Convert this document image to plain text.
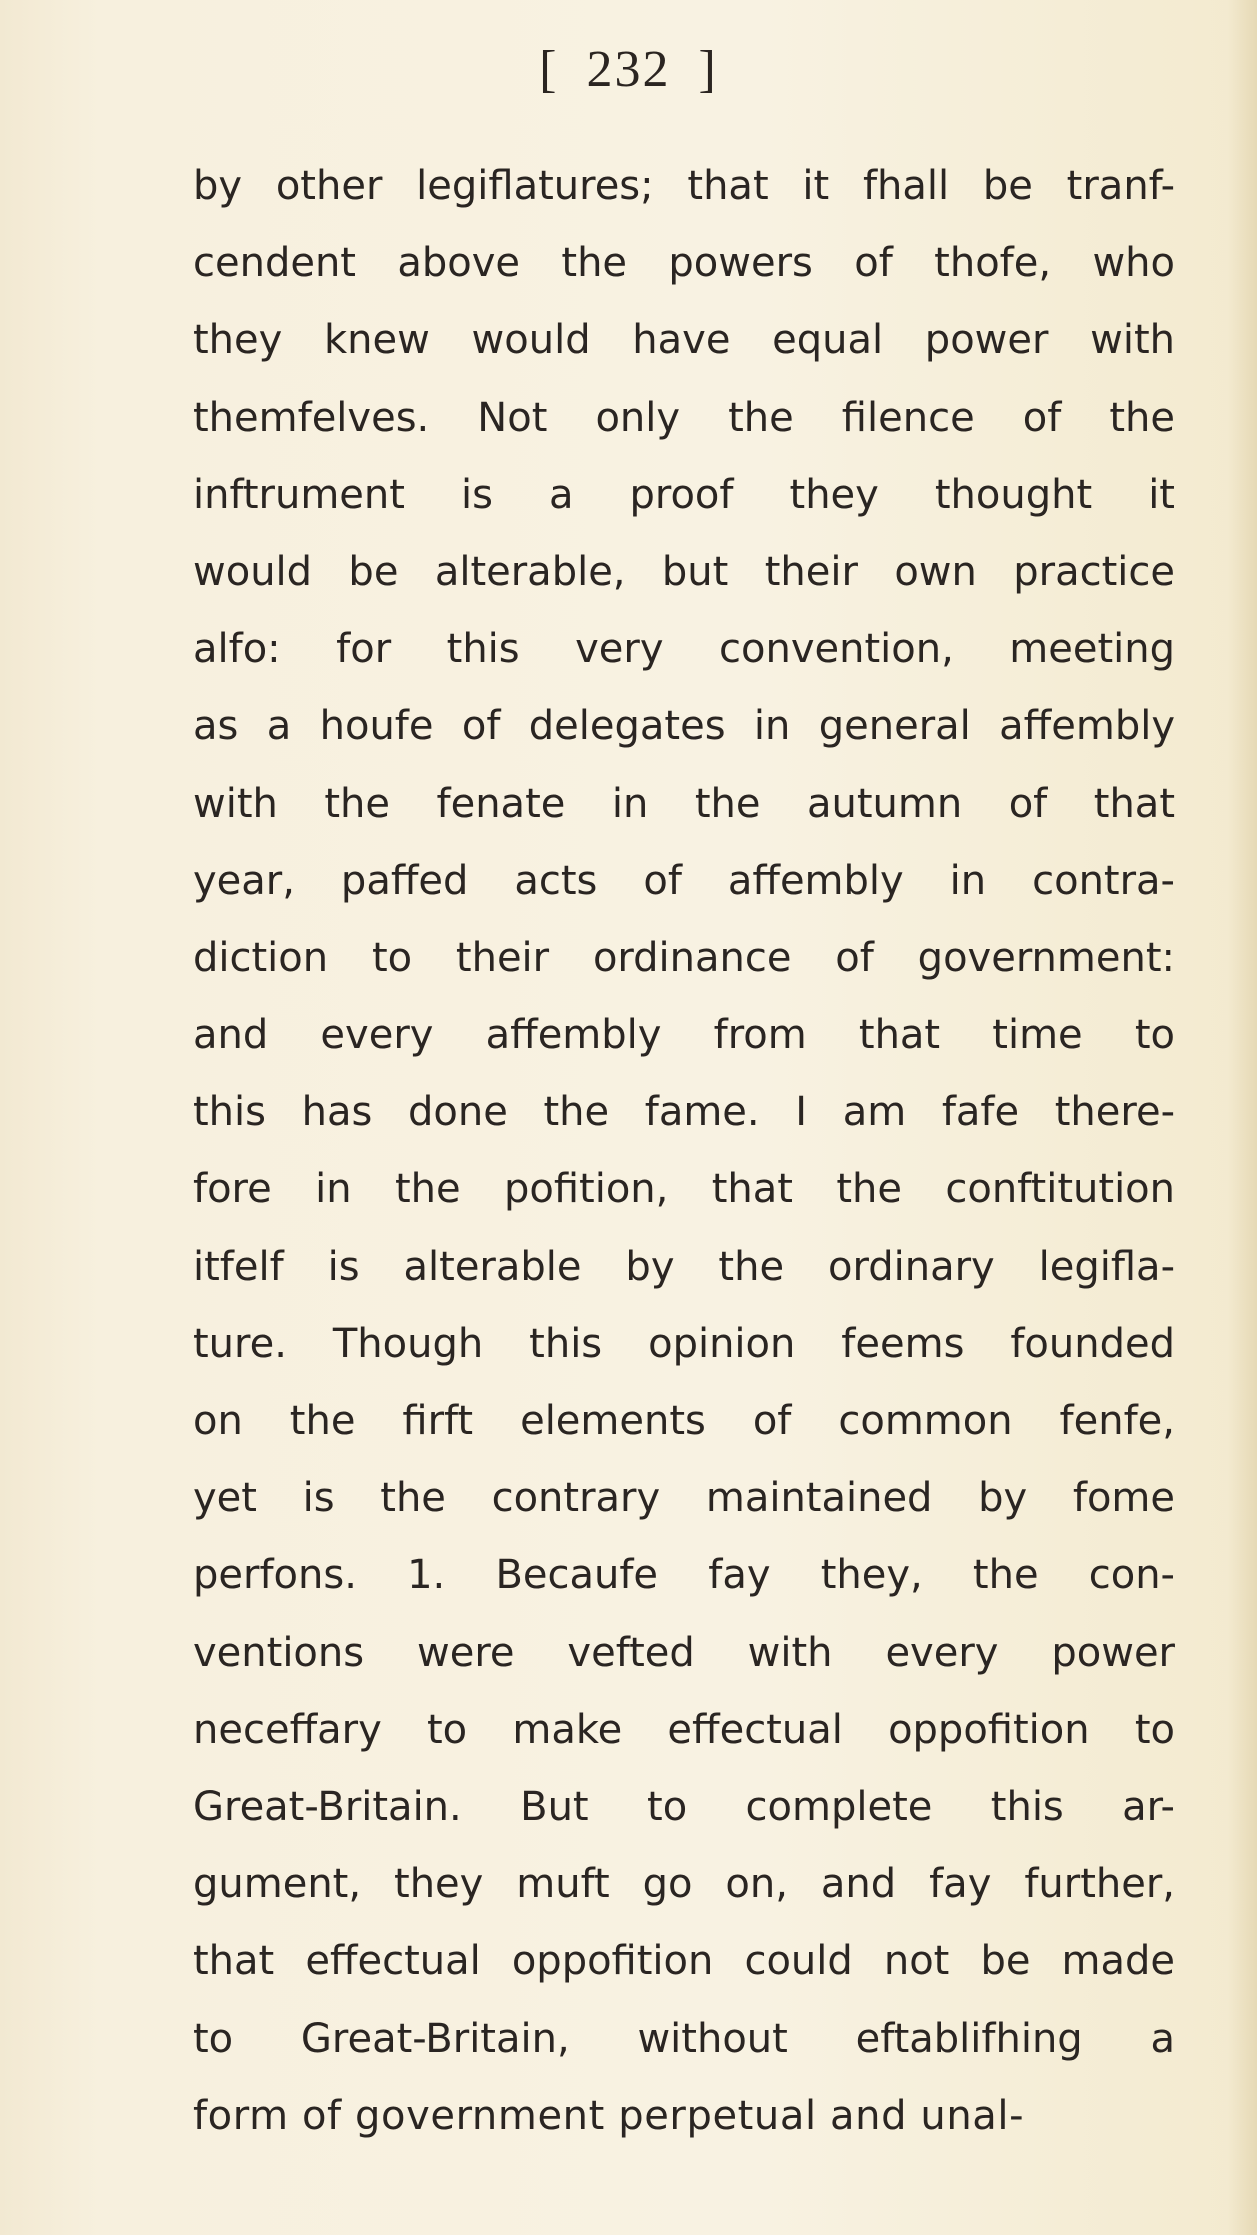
[ 232 ]
by other legiflatures; that it fhall be tranf-
cendent above the powers of thofe, who
they knew would have equal power with
themfelves. Not only the filence of the
inftrument is a proof they thought it
would be alterable, but their own practice
alfo: for this very convention, meeting
as a houfe of delegates in general affembly
with the fenate in the autumn of that
year, paffed acts of affembly in contra-
diction to their ordinance of government:
and every affembly from that time to
this has done the fame. I am fafe there-
fore in the pofition, that the conftitution
itfelf is alterable by the ordinary legifla-
ture. Though this opinion feems founded
on the firft elements of common fenfe,
yet is the contrary maintained by fome
perfons. 1. Becaufe fay they, the con-
ventions were vefted with every power
neceffary to make effectual oppofition to
Great-Britain. But to complete this ar-
gument, they muft go on, and fay further,
that effectual oppofition could not be made
to Great-Britain, without eftablifhing a
form of government perpetual and unal-
